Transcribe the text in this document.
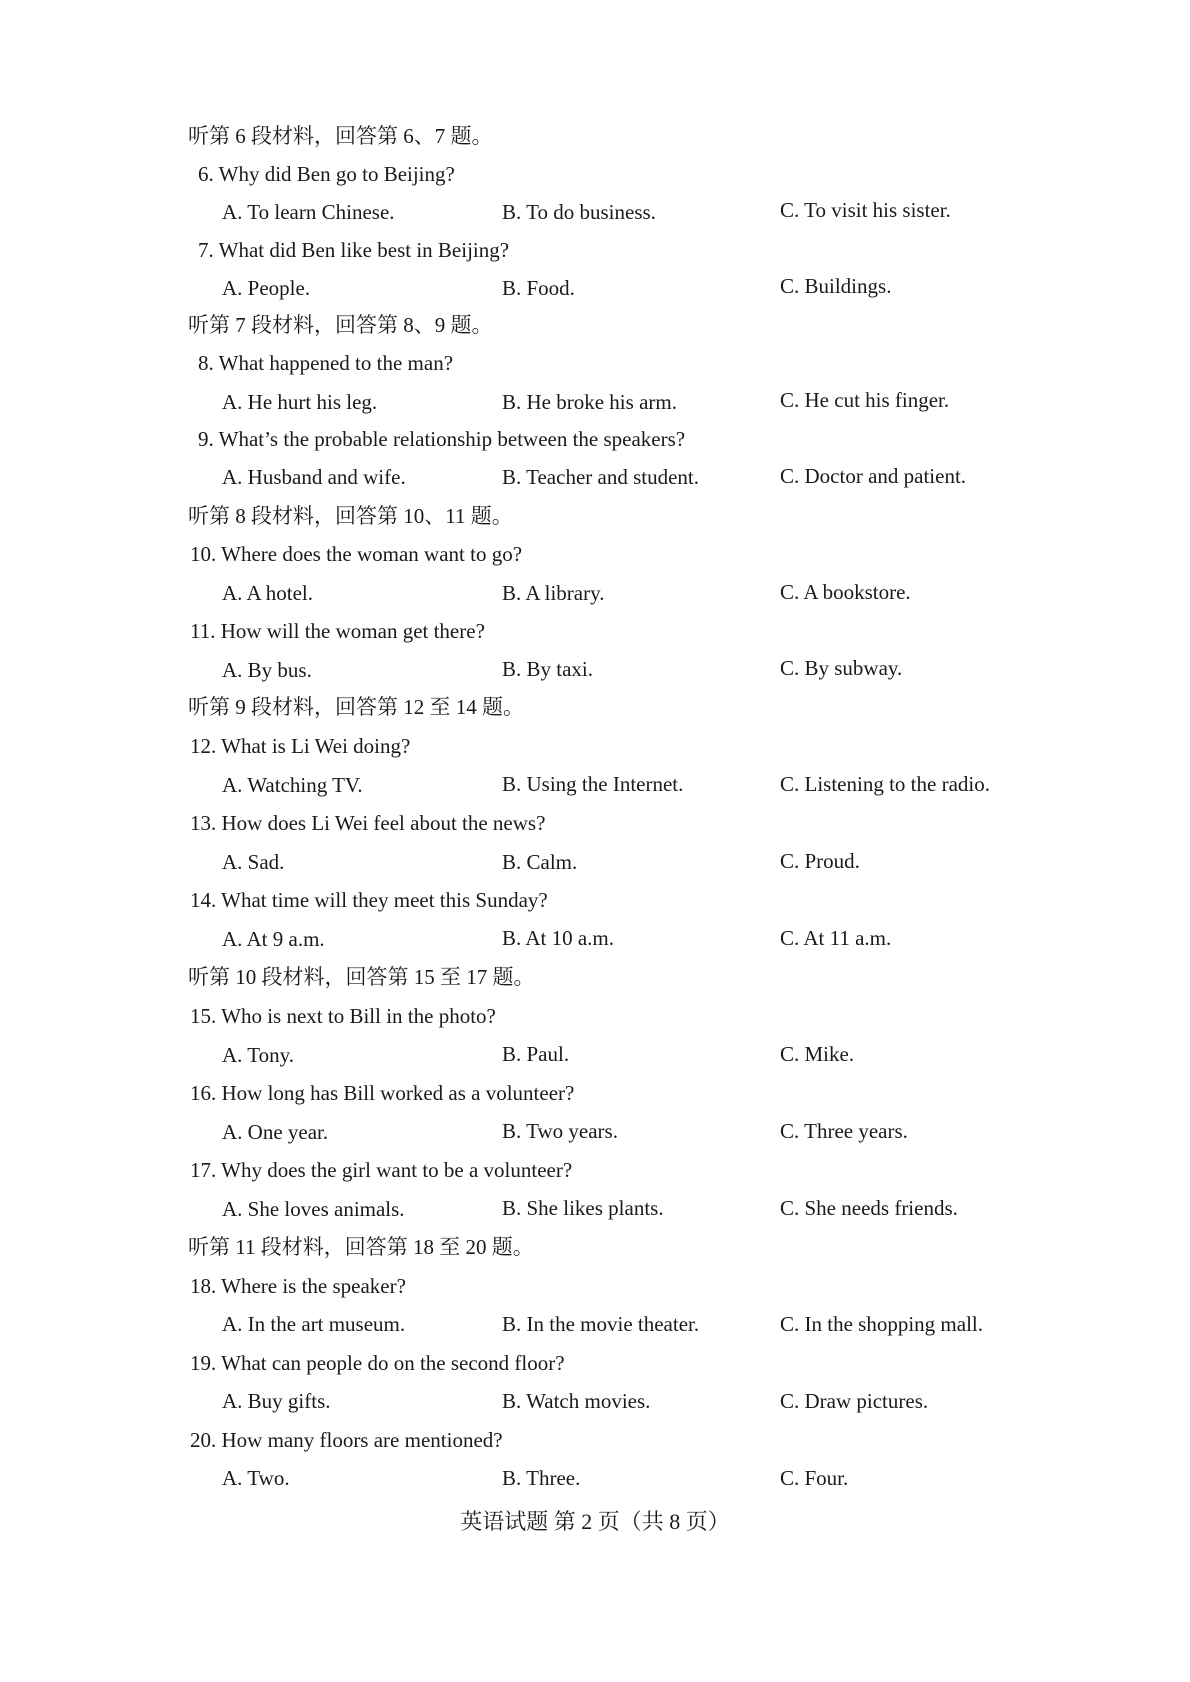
听第 6 段材料，回答第 6、7 题。
6. Why did Ben go to Beijing?
A. To learn Chinese.	B. To do business.	C. To visit his sister.
7. What did Ben like best in Beijing?
A. People.	B. Food.	C. Buildings.
听第 7 段材料，回答第 8、9 题。
8. What happened to the man?
A. He hurt his leg.	B. He broke his arm.	C. He cut his finger.
9. What’s the probable relationship between the speakers?
A. Husband and wife.	B. Teacher and student.	C. Doctor and patient.
听第 8 段材料，回答第 10、11 题。
10. Where does the woman want to go?
A. A hotel.	B. A library.	C. A bookstore.
11. How will the woman get there?
A. By bus.	B. By taxi.	C. By subway.
听第 9 段材料，回答第 12 至 14 题。
12. What is Li Wei doing?
A. Watching TV.	B. Using the Internet.	C. Listening to the radio.
13. How does Li Wei feel about the news?
A. Sad.	B. Calm.	C. Proud.
14. What time will they meet this Sunday?
A. At 9 a.m.	B. At 10 a.m.	C. At 11 a.m.
听第 10 段材料，回答第 15 至 17 题。
15. Who is next to Bill in the photo?
A. Tony.	B. Paul.	C. Mike.
16. How long has Bill worked as a volunteer?
A. One year.	B. Two years.	C. Three years.
17. Why does the girl want to be a volunteer?
A. She loves animals.	B. She likes plants.	C. She needs friends.
听第 11 段材料，回答第 18 至 20 题。
18. Where is the speaker?
A. In the art museum.	B. In the movie theater.	C. In the shopping mall.
19. What can people do on the second floor?
A. Buy gifts.	B. Watch movies.	C. Draw pictures.
20. How many floors are mentioned?
A. Two.	B. Three.	C. Four.
英语试题 第 2 页（共 8 页）
